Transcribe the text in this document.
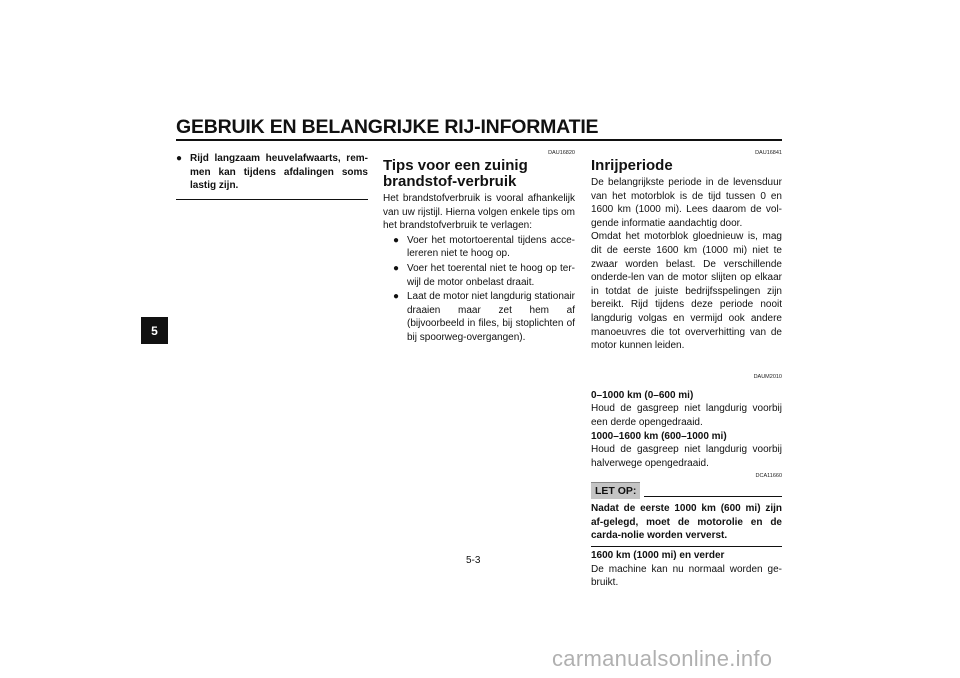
GEBRUIK EN BELANGRIJKE RIJ-INFORMATIE
5
● Rijd langzaam heuvelafwaarts, rem-men kan tijdens afdalingen soms lastig zijn.

DAU16820

Tips voor een zuinig brandstof-verbruik

Het brandstofverbruik is vooral afhankelijk van uw rijstijl. Hierna volgen enkele tips om het brandstofverbruik te verlagen:

● Voer het motortoerental tijdens acce-lereren niet te hoog op.
● Voer het toerental niet te hoog op ter-wijl de motor onbelast draait.
● Laat de motor niet langdurig stationair draaien maar zet hem af (bijvoorbeeld in files, bij stoplichten of bij spoorweg-overgangen).

DAU16841

Inrijperiode

De belangrijkste periode in de levensduur van het motorblok is de tijd tussen 0 en 1600 km (1000 mi). Lees daarom de vol-gende informatie aandachtig door.

Omdat het motorblok gloednieuw is, mag dit de eerste 1600 km (1000 mi) niet te zwaar worden belast. De verschillende onderde-len van de motor slijten op elkaar in totdat de juiste bedrijfsspelingen zijn bereikt. Rijd tijdens deze periode nooit langdurig volgas en vermijd ook andere manoeuvres die tot oververhitting van de motor kunnen leiden.

DAUM2010

0–1000 km (0–600 mi)

Houd de gasgreep niet langdurig voorbij een derde opengedraaid.

1000–1600 km (600–1000 mi)

Houd de gasgreep niet langdurig voorbij halverwege opengedraaid.

DCA11660

LET OP:

Nadat de eerste 1000 km (600 mi) zijn af-gelegd, moet de motorolie en de carda-nolie worden ververst.

1600 km (1000 mi) en verder

De machine kan nu normaal worden ge-bruikt.

5-3

carmanualsonline.info
